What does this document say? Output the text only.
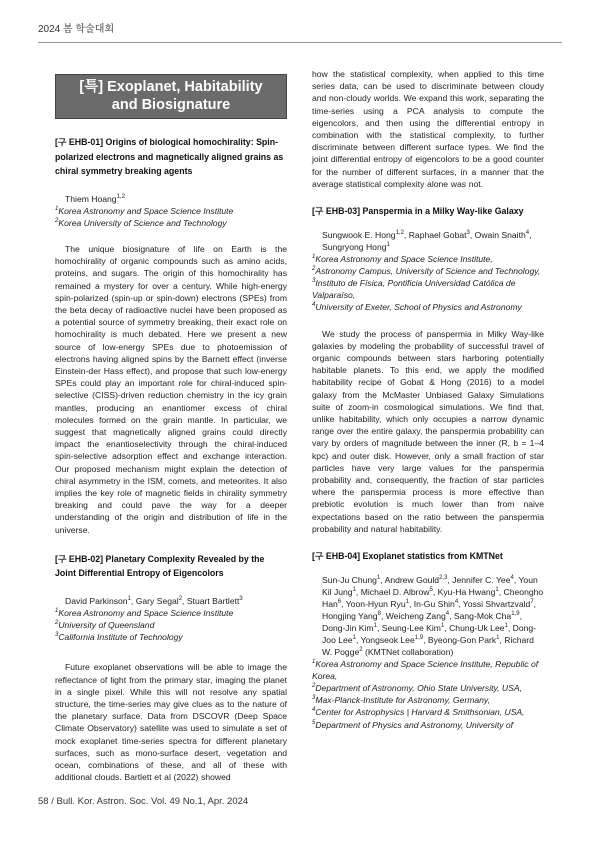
2024 봄 학술대회
[특] Exoplanet, Habitability
and Biosignature
[구 EHB-01] Origins of biological homochirality: Spin-polarized electrons and magnetically aligned grains as chiral symmetry breaking agents
Thiem Hoang$^{1,2}$
$^1$Korea Astronomy and Space Science Institute
$^2$Korea University of Science and Technology

The unique biosignature of life on Earth is the homochirality of organic compounds such as amino acids, proteins, and sugars. The origin of this homochirality has remained a mystery for over a century. While high-energy spin-polarized (spin-up or spin-down) electrons (SPEs) from the beta decay of radioactive nuclei have been proposed as a potential source of symmetry breaking, their exact role on homochirality is much debated. Here we present a new source of low-energy SPEs due to photoemission of electrons having aligned spins by the Barnett effect (inverse Einstein-der Hass effect), and propose that such low-energy SPEs could play an important role for chiral-induced spin-selective (CISS)-driven reduction chemistry in the icy grain mantles, producing an enantiomer excess of chiral molecules formed on the grain mantle. In particular, we suggest that magnetically aligned grains could directly impact the enantioselectivity through the chiral-induced spin-selective adsorption effect and exchange interaction. Our proposed mechanism might explain the detection of chiral asymmetry in the ISM, comets, and meteorites. It also implies the key role of magnetic fields in chirality symmetry breaking and could pave the way for a deeper understanding of the origin and distribution of life in the universe.

[구 EHB-02] Planetary Complexity Revealed by the Joint Differential Entropy of Eigencolors
David Parkinson$^1$, Gary Segal$^2$, Stuart Bartlett$^3$
$^1$Korea Astronomy and Space Science Institute
$^2$University of Queensland
$^3$California Institute of Technology

Future exoplanet observations will be able to image the reflectance of light from the primary star, imaging the planet in a single pixel. While this will not resolve any spatial structure, the time-series may give clues as to the nature of the planetary surface. Data from DSCOVR (Deep Space Climate Observatory) satellite was used to simulate a set of mock exoplanet time-series spectra for different planetary surfaces, such as mono-surface desert, vegetation and ocean, combinations of these, and all of these with additional clouds. Bartlett et al (2022) showed

how the statistical complexity, when applied to this time series data, can be used to discriminate between cloudy and non-cloudy worlds. We expand this work, separating the time-series using a PCA analysis to compute the eigencolors, and then using the differential entropy in combination with the statistical complexity, to further discriminate between different surface types. We find the joint differential entropy of eigencolors to be a good counter for the number of different surfaces, in a manner that the average statistical complexity alone was not.

[구 EHB-03] Panspermia in a Milky Way-like Galaxy
Sungwook E. Hong$^{1,2}$, Raphael Gobat$^3$, Owain Snaith$^4$, Sungryong Hong$^1$
$^1$Korea Astronomy and Space Science Institute,
$^2$Astronomy Campus, University of Science and Technology,
$^3$Instituto de Física, Pontificia Universidad Católica de Valparaíso,
$^4$University of Exeter, School of Physics and Astronomy

We study the process of panspermia in Milky Way-like galaxies by modeling the probability of successful travel of organic compounds between stars harboring potentially habitable planets. To this end, we apply the modified habitability recipe of Gobat & Hong (2016) to a model galaxy from the McMaster Unbiased Galaxy Simulations suite of zoom-in cosmological simulations. We find that, unlike habitability, which only occupies a narrow dynamic range over the entire galaxy, the panspermia probability can vary by orders of magnitude between the inner (R, b = 1–4 kpc) and outer disk. However, only a small fraction of star particles have very large values for the panspermia probability and, consequently, the fraction of star particles where the panspermia process is more effective than prebiotic evolution is much lower than from naive expectations based on the ratio between the panspermia probability and natural habitability.

[구 EHB-04] Exoplanet statistics from KMTNet
Sun-Ju Chung$^1$, Andrew Gould$^{2,3}$, Jennifer C. Yee$^4$, Youn Kil Jung$^1$, Michael D. Albrow$^5$, Kyu-Ha Hwang$^1$, Cheongho Han$^6$, Yoon-Hyun Ryu$^1$, In-Gu Shin$^4$, Yossi Shvartzvald$^7$, Hongjing Yang$^8$, Weicheng Zang$^4$, Sang-Mok Cha$^{1,9}$, Dong-Jin Kim$^1$, Seung-Lee Kim$^1$, Chung-Uk Lee$^1$, Dong-Joo Lee$^1$, Yongseok Lee$^{1,9}$, Byeong-Gon Park$^1$, Richard W. Pogge$^2$ (KMTNet collaboration)
$^1$Korea Astronomy and Space Science Institute, Republic of Korea,
$^2$Department of Astronomy, Ohio State University, USA,
$^3$Max-Planck-Institute for Astronomy, Germany,
$^4$Center for Astrophysics | Harvard & Smithsonian, USA,
$^5$Department of Physics and Astronomy, University of
58 / Bull. Kor. Astron. Soc. Vol. 49 No.1, Apr. 2024
